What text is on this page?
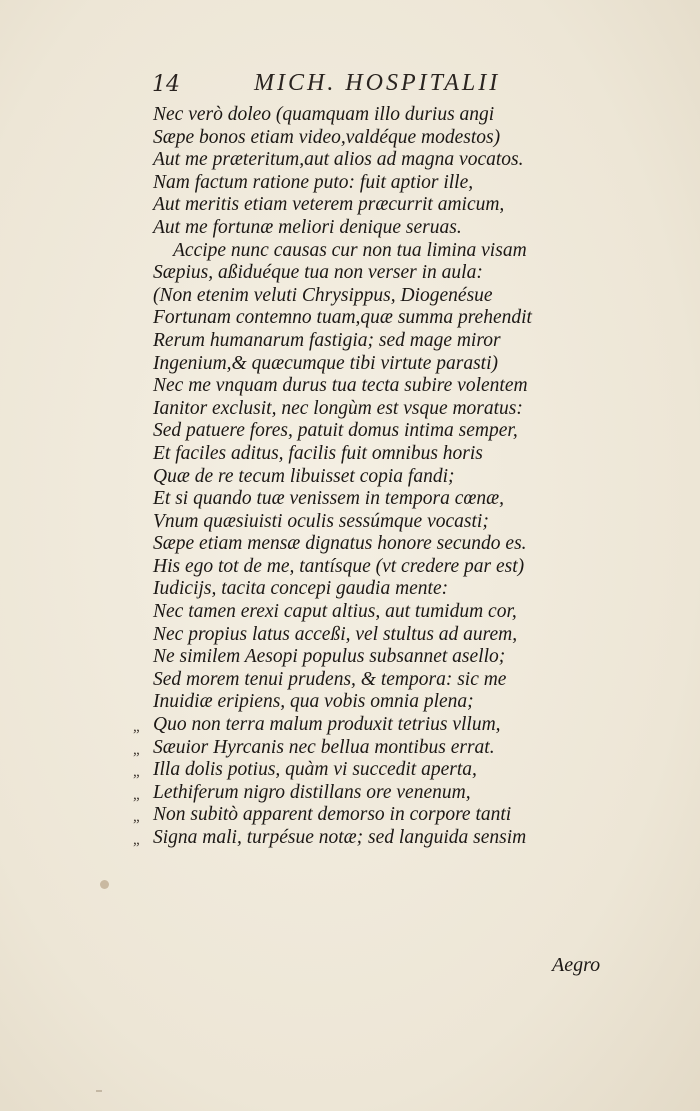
14	MICH. HOSPITALII
Nec verò doleo (quamquam illo durius angi
Sæpe bonos etiam video,valdéque modestos)
Aut me præteritum,aut alios ad magna vocatos.
Nam factum ratione puto: fuit aptior ille,
Aut meritis etiam veterem præcurrit amicum,
Aut me fortunæ meliori denique seruas.
Accipe nunc causas cur non tua limina visam
Sæpius, aßiduéque tua non verser in aula:
(Non etenim veluti Chrysippus, Diogenésue
Fortunam contemno tuam,quæ summa prehendit
Rerum humanarum fastigia; sed mage miror
Ingenium,& quæcumque tibi virtute parasti)
Nec me vnquam durus tua tecta subire volentem
Ianitor exclusit, nec longùm est vsque moratus:
Sed patuere fores, patuit domus intima semper,
Et faciles aditus, facilis fuit omnibus horis
Quæ de re tecum libuisset copia fandi;
Et si quando tuæ venissem in tempora cœnæ,
Vnum quæsiuisti oculis sessúmque vocasti;
Sæpe etiam mensæ dignatus honore secundo es.
His ego tot de me, tantísque (vt credere par est)
Iudicijs, tacita concepi gaudia mente:
Nec tamen erexi caput altius, aut tumidum cor,
Nec propius latus acceßi, vel stultus ad aurem,
Ne similem Aesopi populus subsannet asello;
Sed morem tenui prudens, & tempora: sic me
Inuidiæ eripiens, qua vobis omnia plena;
„ Quo non terra malum produxit tetrius vllum,
„ Sæuior Hyrcanis nec bellua montibus errat.
„ Illa dolis potius, quàm vi succedit aperta,
„ Lethiferum nigro distillans ore venenum,
„ Non subitò apparent demorso in corpore tanti
„ Signa mali, turpésue notæ; sed languida sensim
Aegro
